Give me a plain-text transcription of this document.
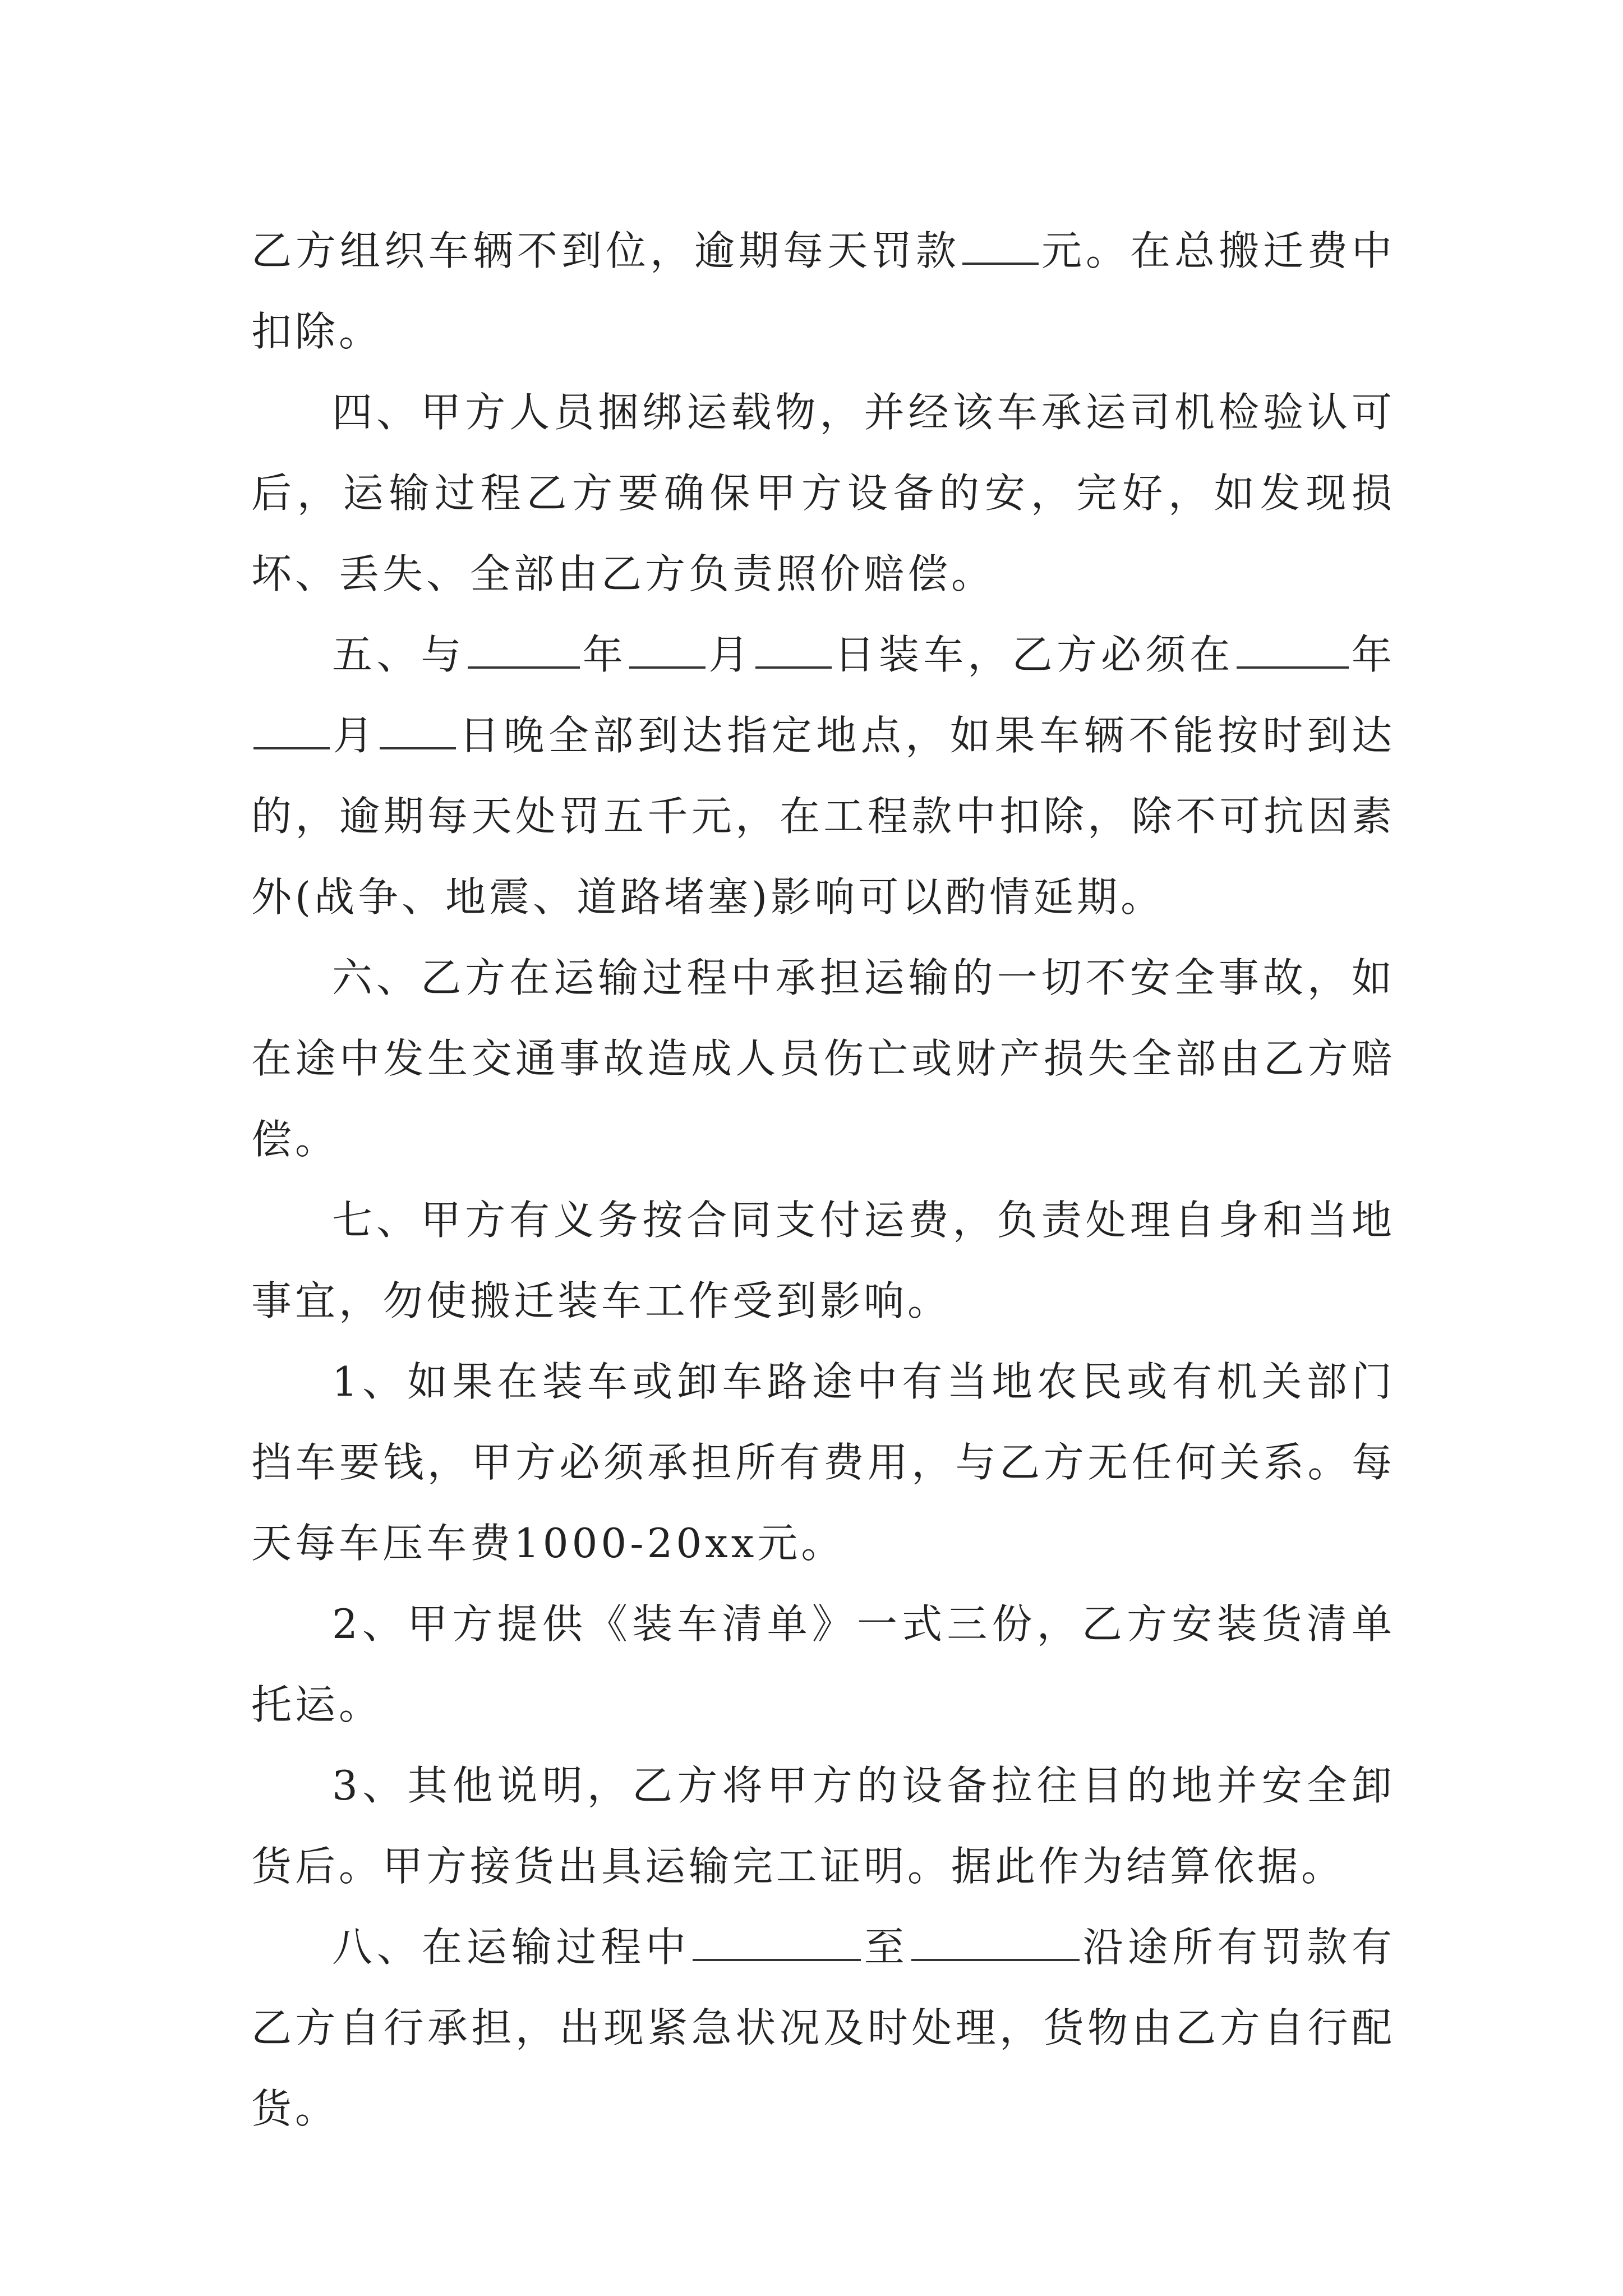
乙方组织车辆不到位，逾期每天罚款 元。在总搬迁费中扣除。

四、甲方人员捆绑运载物，并经该车承运司机检验认可后，运输过程乙方要确保甲方设备的安，完好，如发现损坏、丢失、全部由乙方负责照价赔偿。

五、与	年 月 日装车，乙方必须在	年月 日晚全部到达指定地点，如果车辆不能按时到达的，逾期每天处罚五千元，在工程款中扣除，除不可抗因素外(战争、地震、道路堵塞)影响可以酌情延期。

六、乙方在运输过程中承担运输的一切不安全事故，如在途中发生交通事故造成人员伤亡或财产损失全部由乙方赔偿。

七、甲方有义务按合同支付运费，负责处理自身和当地事宜，勿使搬迁装车工作受到影响。

1、如果在装车或卸车路途中有当地农民或有机关部门挡车要钱，甲方必须承担所有费用，与乙方无任何关系。每天每车压车费1000-20xx元。

2、甲方提供《装车清单》一式三份，乙方安装货清单托运。

3、其他说明，乙方将甲方的设备拉往目的地并安全卸货后。甲方接货出具运输完工证明。据此作为结算依据。

八、在运输过程中	至	沿途所有罚款有乙方自行承担，出现紧急状况及时处理，货物由乙方自行配货。
